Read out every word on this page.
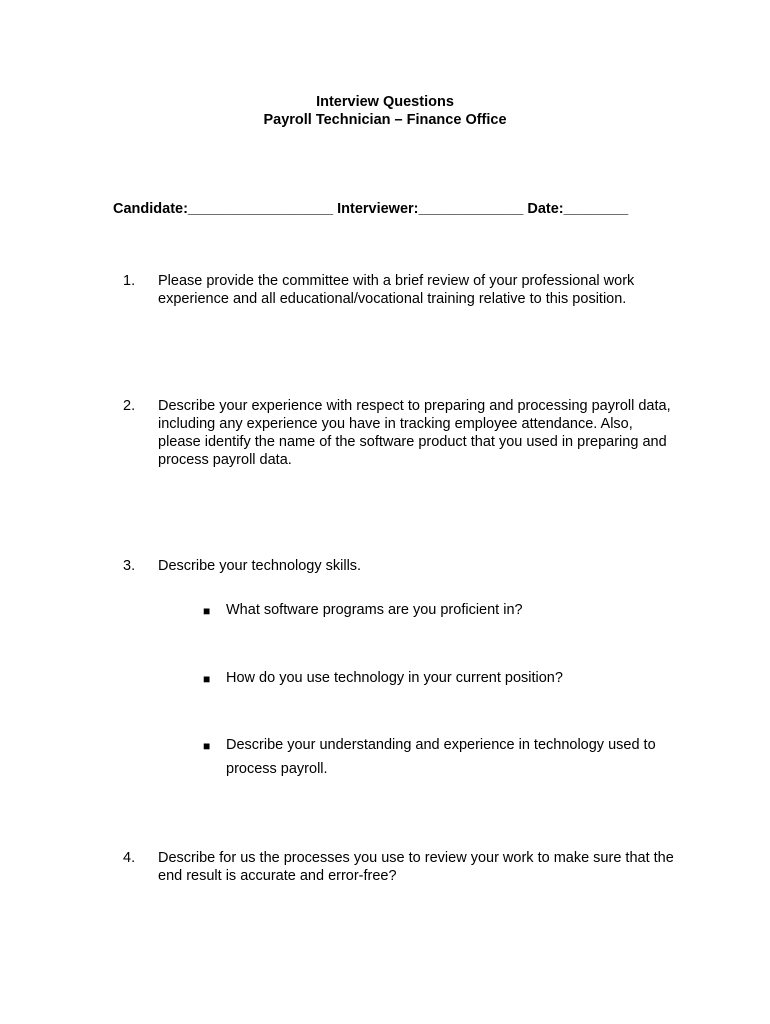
Interview Questions
Payroll Technician – Finance Office
Candidate:__________________ Interviewer:_____________ Date:________
1. Please provide the committee with a brief review of your professional work experience and all educational/vocational training relative to this position.
2. Describe your experience with respect to preparing and processing payroll data, including any experience you have in tracking employee attendance. Also, please identify the name of the software product that you used in preparing and process payroll data.
3. Describe your technology skills.
■ What software programs are you proficient in?
■ How do you use technology in your current position?
■ Describe your understanding and experience in technology used to process payroll.
4. Describe for us the processes you use to review your work to make sure that the end result is accurate and error-free?
